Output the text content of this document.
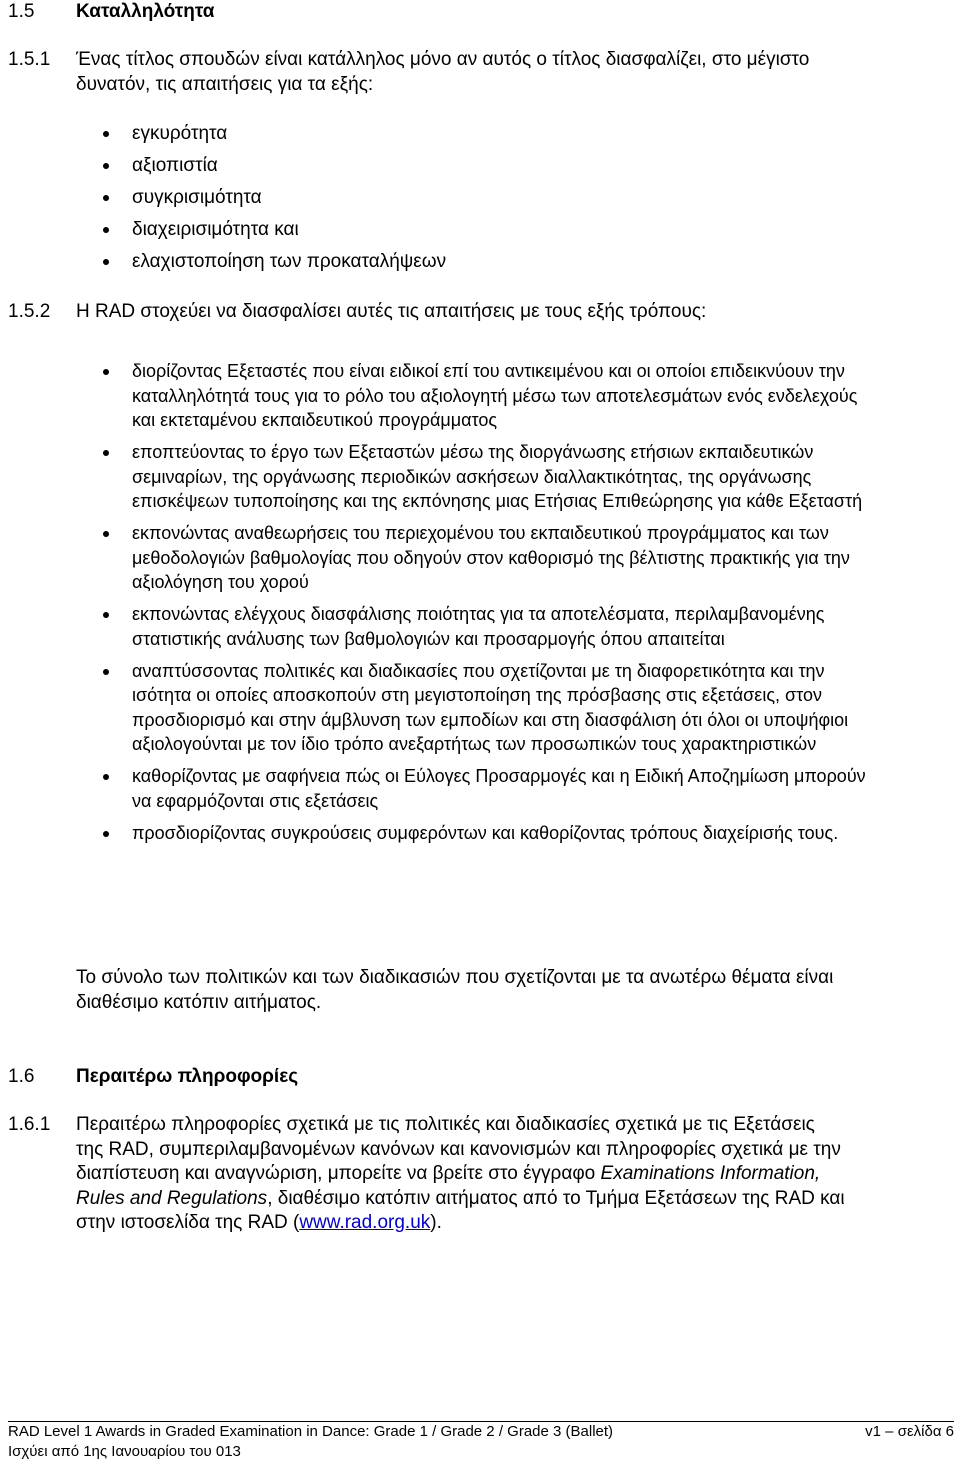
1.5 Καταλληλότητα
1.5.1 Ένας τίτλος σπουδών είναι κατάλληλος μόνο αν αυτός ο τίτλος διασφαλίζει, στο μέγιστο δυνατόν, τις απαιτήσεις για τα εξής:
εγκυρότητα
αξιοπιστία
συγκρισιμότητα
διαχειρισιμότητα και
ελαχιστοποίηση των προκαταλήψεων
1.5.2 Η RAD στοχεύει να διασφαλίσει αυτές τις απαιτήσεις με τους εξής τρόπους:
διορίζοντας Εξεταστές που είναι ειδικοί επί του αντικειμένου και οι οποίοι επιδεικνύουν την καταλληλότητά τους για το ρόλο του αξιολογητή μέσω των αποτελεσμάτων ενός ενδελεχούς και εκτεταμένου εκπαιδευτικού προγράμματος
εποπτεύοντας το έργο των Εξεταστών μέσω της διοργάνωσης ετήσιων εκπαιδευτικών σεμιναρίων, της οργάνωσης περιοδικών ασκήσεων διαλλακτικότητας, της οργάνωσης επισκέψεων τυποποίησης και της εκπόνησης μιας Ετήσιας Επιθεώρησης για κάθε Εξεταστή
εκπονώντας αναθεωρήσεις του περιεχομένου του εκπαιδευτικού προγράμματος και των μεθοδολογιών βαθμολογίας που οδηγούν στον καθορισμό της βέλτιστης πρακτικής για την αξιολόγηση του χορού
εκπονώντας ελέγχους διασφάλισης ποιότητας για τα αποτελέσματα, περιλαμβανομένης στατιστικής ανάλυσης των βαθμολογιών και προσαρμογής όπου απαιτείται
αναπτύσσοντας πολιτικές και διαδικασίες που σχετίζονται με τη διαφορετικότητα και την ισότητα οι οποίες αποσκοπούν στη μεγιστοποίηση της πρόσβασης στις εξετάσεις, στον προσδιορισμό και στην άμβλυνση των εμποδίων και στη διασφάλιση ότι όλοι οι υποψήφιοι αξιολογούνται με τον ίδιο τρόπο ανεξαρτήτως των προσωπικών τους χαρακτηριστικών
καθορίζοντας με σαφήνεια πώς οι Εύλογες Προσαρμογές και η Ειδική Αποζημίωση μπορούν να εφαρμόζονται στις εξετάσεις
προσδιορίζοντας συγκρούσεις συμφερόντων και καθορίζοντας τρόπους διαχείρισής τους.
Το σύνολο των πολιτικών και των διαδικασιών που σχετίζονται με τα ανωτέρω θέματα είναι διαθέσιμο κατόπιν αιτήματος.
1.6 Περαιτέρω πληροφορίες
1.6.1 Περαιτέρω πληροφορίες σχετικά με τις πολιτικές και διαδικασίες σχετικά με τις Εξετάσεις της RAD, συμπεριλαμβανομένων κανόνων και κανονισμών και πληροφορίες σχετικά με την διαπίστευση και αναγνώριση, μπορείτε να βρείτε στο έγγραφο Examinations Information, Rules and Regulations, διαθέσιμο κατόπιν αιτήματος από το Τμήμα Εξετάσεων της RAD και στην ιστοσελίδα της RAD (www.rad.org.uk).
RAD Level 1 Awards in Graded Examination in Dance: Grade 1 / Grade 2 / Grade 3 (Ballet)
Ισχύει από 1ης Ιανουαρίου του 013
v1 – σελίδα 6
